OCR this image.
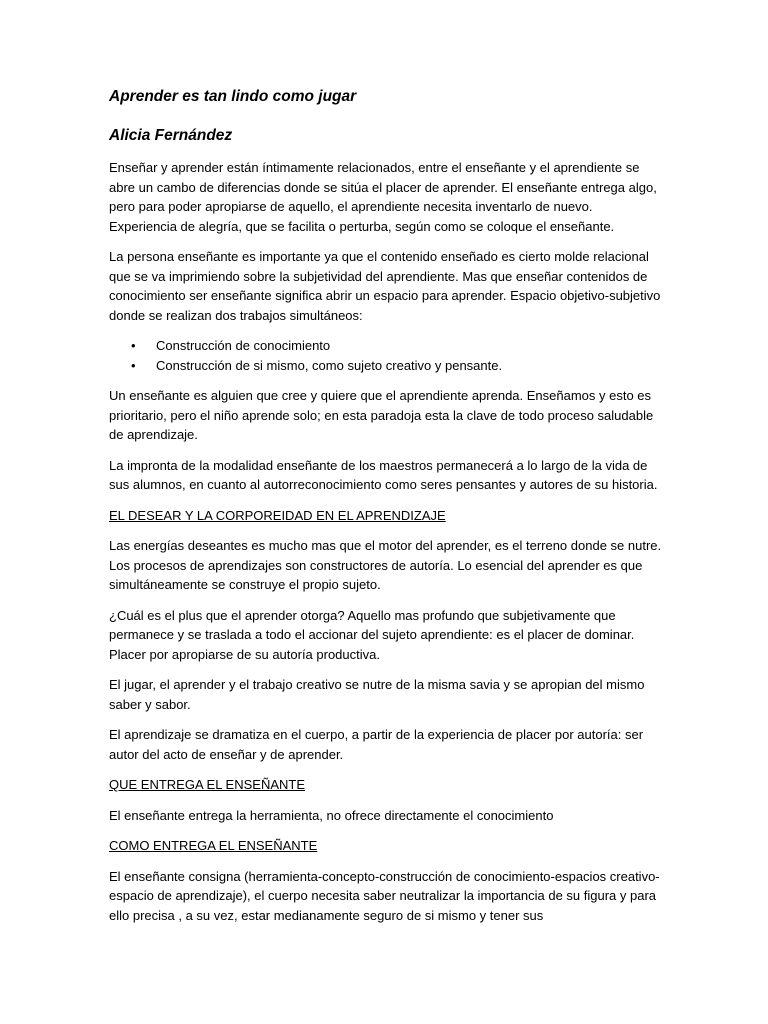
Aprender es tan lindo como jugar
Alicia Fernández

Enseñar y aprender están íntimamente relacionados, entre el enseñante y el aprendiente se abre un cambo de diferencias donde se sitúa el placer de aprender. El enseñante entrega algo, pero para poder apropiarse de aquello, el aprendiente necesita inventarlo de nuevo. Experiencia de alegría, que se facilita o perturba, según como se coloque el enseñante.

La persona enseñante es importante ya que el contenido enseñado es cierto molde relacional que se va imprimiendo sobre la subjetividad del aprendiente. Mas que enseñar contenidos de conocimiento ser enseñante significa abrir un espacio para aprender. Espacio objetivo-subjetivo donde se realizan dos trabajos simultáneos:

• Construcción de conocimiento
• Construcción de si mismo, como sujeto creativo y pensante.

Un enseñante es alguien que cree y quiere que el aprendiente aprenda. Enseñamos y esto es prioritario, pero el niño aprende solo; en esta paradoja esta la clave de todo proceso saludable de aprendizaje.

La impronta de la modalidad enseñante de los maestros permanecerá a lo largo de la vida de sus alumnos, en cuanto al autorreconocimiento como seres pensantes y autores de su historia.

EL DESEAR Y LA CORPOREIDAD EN EL APRENDIZAJE

Las energías deseantes es mucho mas que el motor del aprender, es el terreno donde se nutre. Los procesos de aprendizajes son constructores de autoría. Lo esencial del aprender es que simultáneamente se construye el propio sujeto.

¿Cuál es el plus que el aprender otorga? Aquello mas profundo que subjetivamente que permanece y se traslada a todo el accionar del sujeto aprendiente: es el placer de dominar. Placer por apropiarse de su autoría productiva.

El jugar, el aprender y el trabajo creativo se nutre de la misma savia y se apropian del mismo saber y sabor.

El aprendizaje se dramatiza en el cuerpo, a partir de la experiencia de placer por autoría: ser autor del acto de enseñar y de aprender.

QUE ENTREGA EL ENSEÑANTE

El enseñante entrega la herramienta, no ofrece directamente el conocimiento

COMO ENTREGA EL ENSEÑANTE

El enseñante consigna (herramienta-concepto-construcción de conocimiento-espacios creativo-espacio de aprendizaje), el cuerpo necesita saber neutralizar la importancia de su figura y para ello precisa , a su vez, estar medianamente seguro de si mismo y tener sus
